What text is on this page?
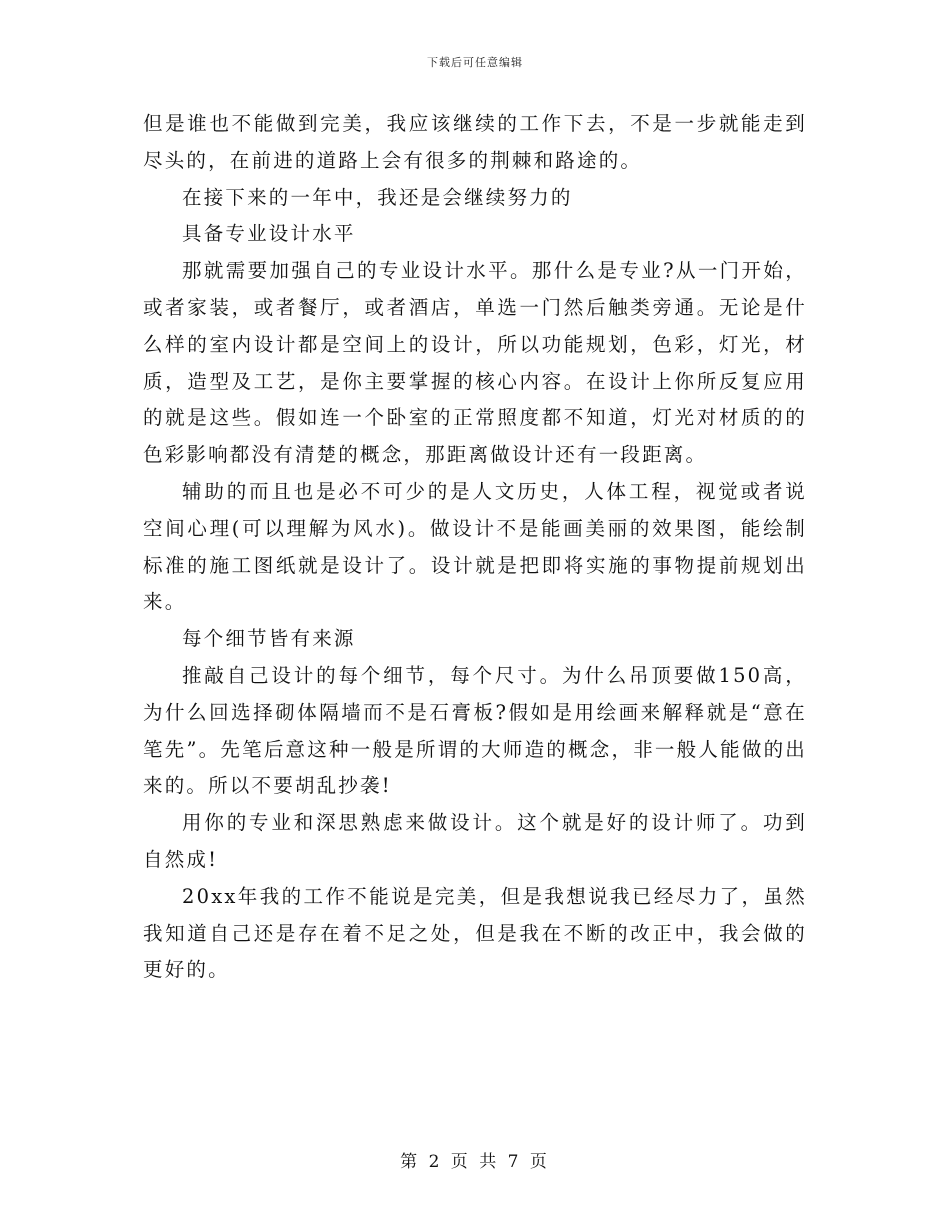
下载后可任意编辑

但是谁也不能做到完美，我应该继续的工作下去，不是一步就能走到尽头的，在前进的道路上会有很多的荆棘和路途的。

在接下来的一年中，我还是会继续努力的

具备专业设计水平

那就需要加强自己的专业设计水平。那什么是专业?从一门开始，或者家装，或者餐厅，或者酒店，单选一门然后触类旁通。无论是什么样的室内设计都是空间上的设计，所以功能规划，色彩，灯光，材质，造型及工艺，是你主要掌握的核心内容。在设计上你所反复应用的就是这些。假如连一个卧室的正常照度都不知道，灯光对材质的的色彩影响都没有清楚的概念，那距离做设计还有一段距离。

辅助的而且也是必不可少的是人文历史，人体工程，视觉或者说空间心理(可以理解为风水)。做设计不是能画美丽的效果图，能绘制标准的施工图纸就是设计了。设计就是把即将实施的事物提前规划出来。

每个细节皆有来源

推敲自己设计的每个细节，每个尺寸。为什么吊顶要做150高，为什么回选择砌体隔墙而不是石膏板?假如是用绘画来解释就是“意在笔先”。先笔后意这种一般是所谓的大师造的概念，非一般人能做的出来的。所以不要胡乱抄袭!

用你的专业和深思熟虑来做设计。这个就是好的设计师了。功到自然成!

20xx年我的工作不能说是完美，但是我想说我已经尽力了，虽然我知道自己还是存在着不足之处，但是我在不断的改正中，我会做的更好的。

第 2 页 共 7 页
